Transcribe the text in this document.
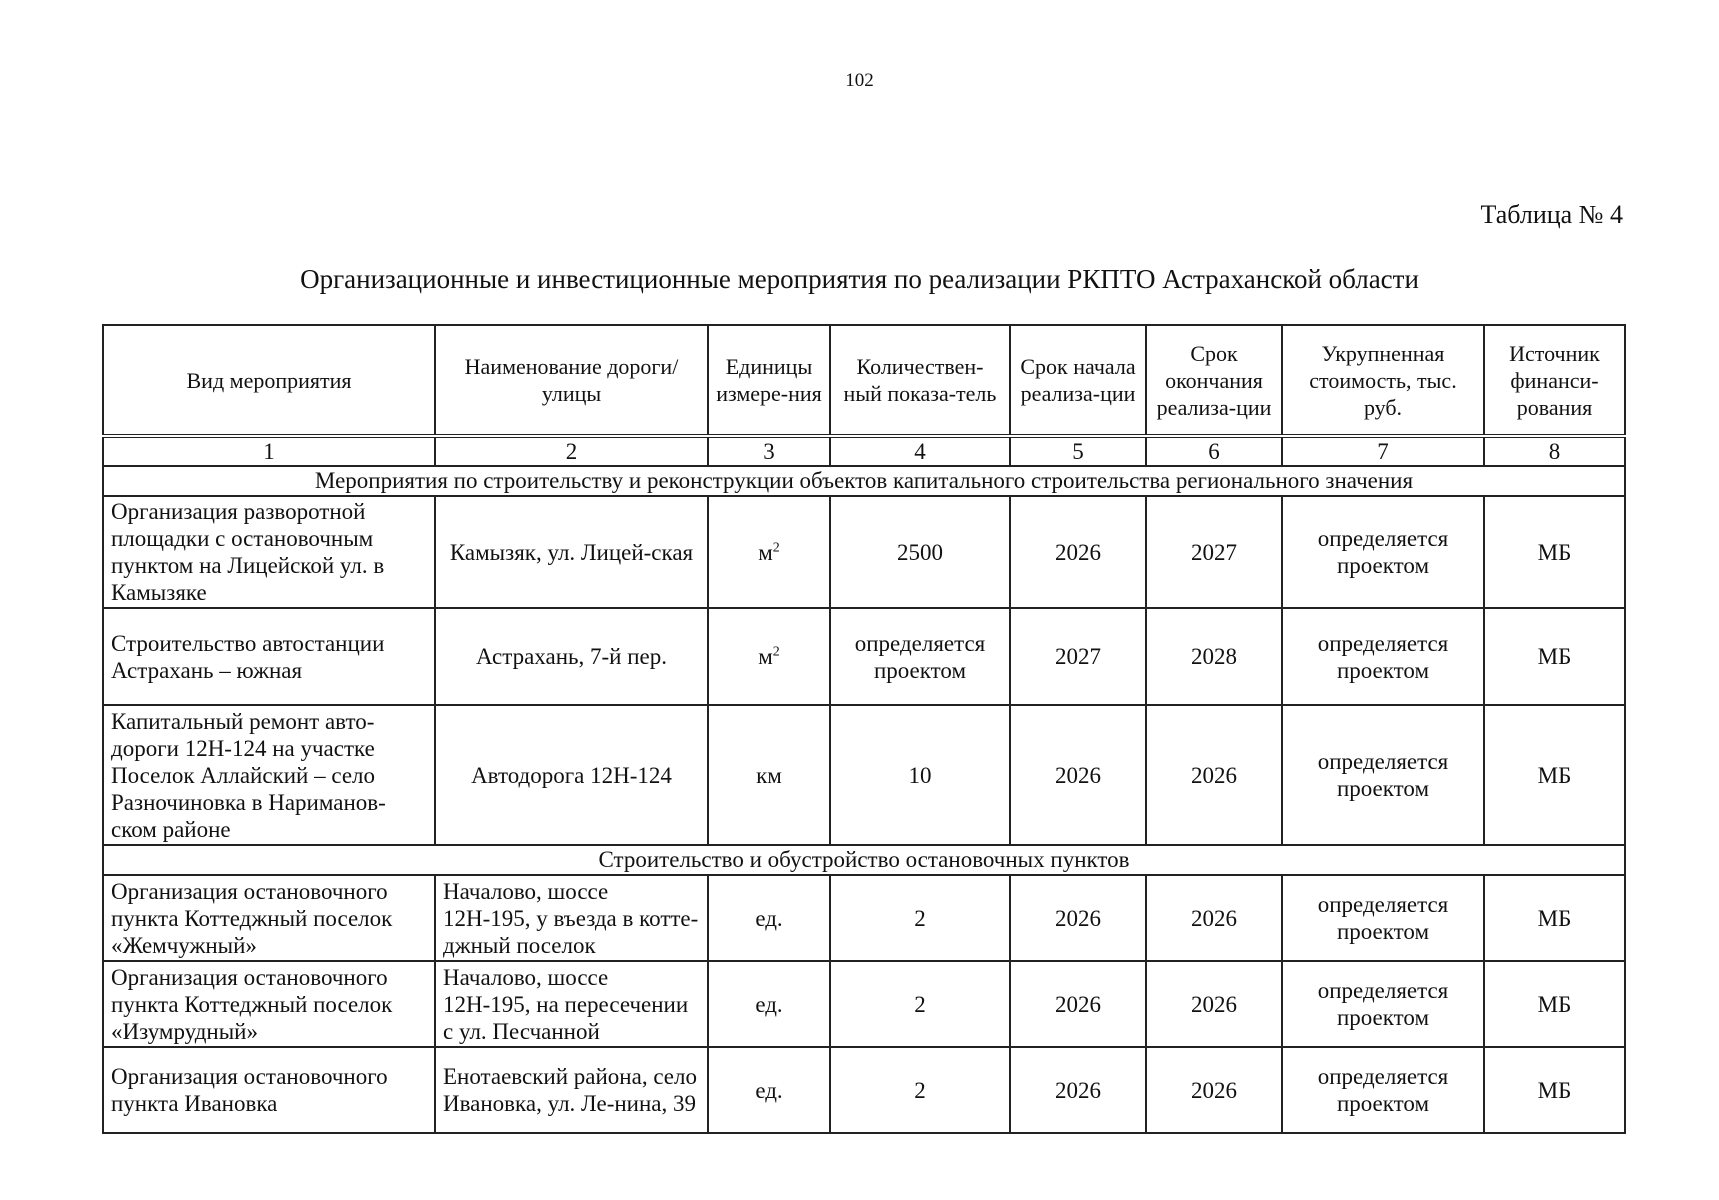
102
Таблица № 4
Организационные и инвестиционные мероприятия по реализации РКПТО Астраханской области
Вид мероприятия	Наименование дороги/ улицы	Единицы измере-ния	Количествен-ный показа-тель	Срок начала реализа-ции	Срок окончания реализа-ции	Укрупненная стоимость, тыс. руб.	Источник финанси-рования
1	2	3	4	5	6	7	8
Мероприятия по строительству и реконструкции объектов капитального строительства регионального значения							
Организация разворотной площадки с остановочным пунктом на Лицейской ул. в Камызяке	Камызяк, ул. Лицей-ская	$м^2$	2500	2026	2027	определяется проектом	МБ
Строительство автостанции Астрахань – южная	Астрахань, 7-й пер.	$м^2$	определяется проектом	2027	2028	определяется проектом	МБ
Капитальный ремонт авто-дороги 12Н-124 на участке Поселок Аллайский – село Разночиновка в Нариманов-ском районе	Автодорога 12Н-124	км	10	2026	2026	определяется проектом	МБ
Строительство и обустройство остановочных пунктов							
Организация остановочного пункта Коттеджный поселок «Жемчужный»	Началово, шоссе 12Н-195, у въезда в котте-джный поселок	ед.	2	2026	2026	определяется проектом	МБ
Организация остановочного пункта Коттеджный поселок «Изумрудный»	Началово, шоссе 12Н-195, на пересечении с ул. Песчанной	ед.	2	2026	2026	определяется проектом	МБ
Организация остановочного пункта Ивановка	Енотаевский района, село Ивановка, ул. Ле-нина, 39	ед.	2	2026	2026	определяется проектом	МБ
